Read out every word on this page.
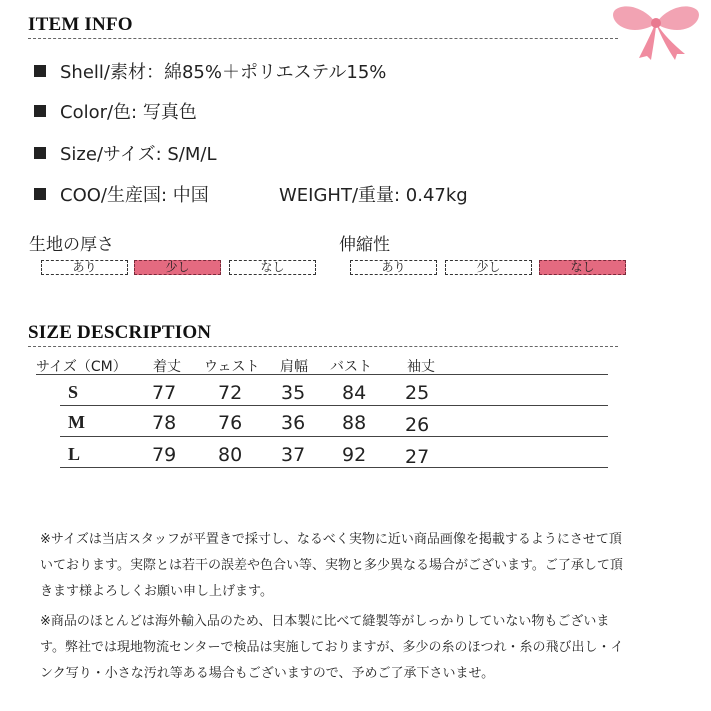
ITEM INFO
Shell/素材：綿85%＋ポリエステル15%
Color/色: 写真色
Size/サイズ: S/M/L
COO/生産国: 中国	WEIGHT/重量: 0.47kg
生地の厚さ
あり	少し	なし
伸縮性
あり	少し	なし
SIZE DESCRIPTION
サイズ（CM） 着丈 ウェスト 肩幅 バスト	袖丈
S	77 72 35 84 25
M	78 76 36 88 26
L	79 80 37 92 27

※サイズは当店スタッフが平置きで採寸し、なるべく実物に近い商品画像を掲載するようにさせて頂いております。実際とは若干の誤差や色合い等、実物と多少異なる場合がございます。ご了承して頂きます様よろしくお願い申し上げます。

※商品のほとんどは海外輸入品のため、日本製に比べて縫製等がしっかりしていない物もございます。弊社では現地物流センターで検品は実施しておりますが、多少の糸のほつれ・糸の飛び出し・インク写り・小さな汚れ等ある場合もございますので、予めご了承下さいませ。
